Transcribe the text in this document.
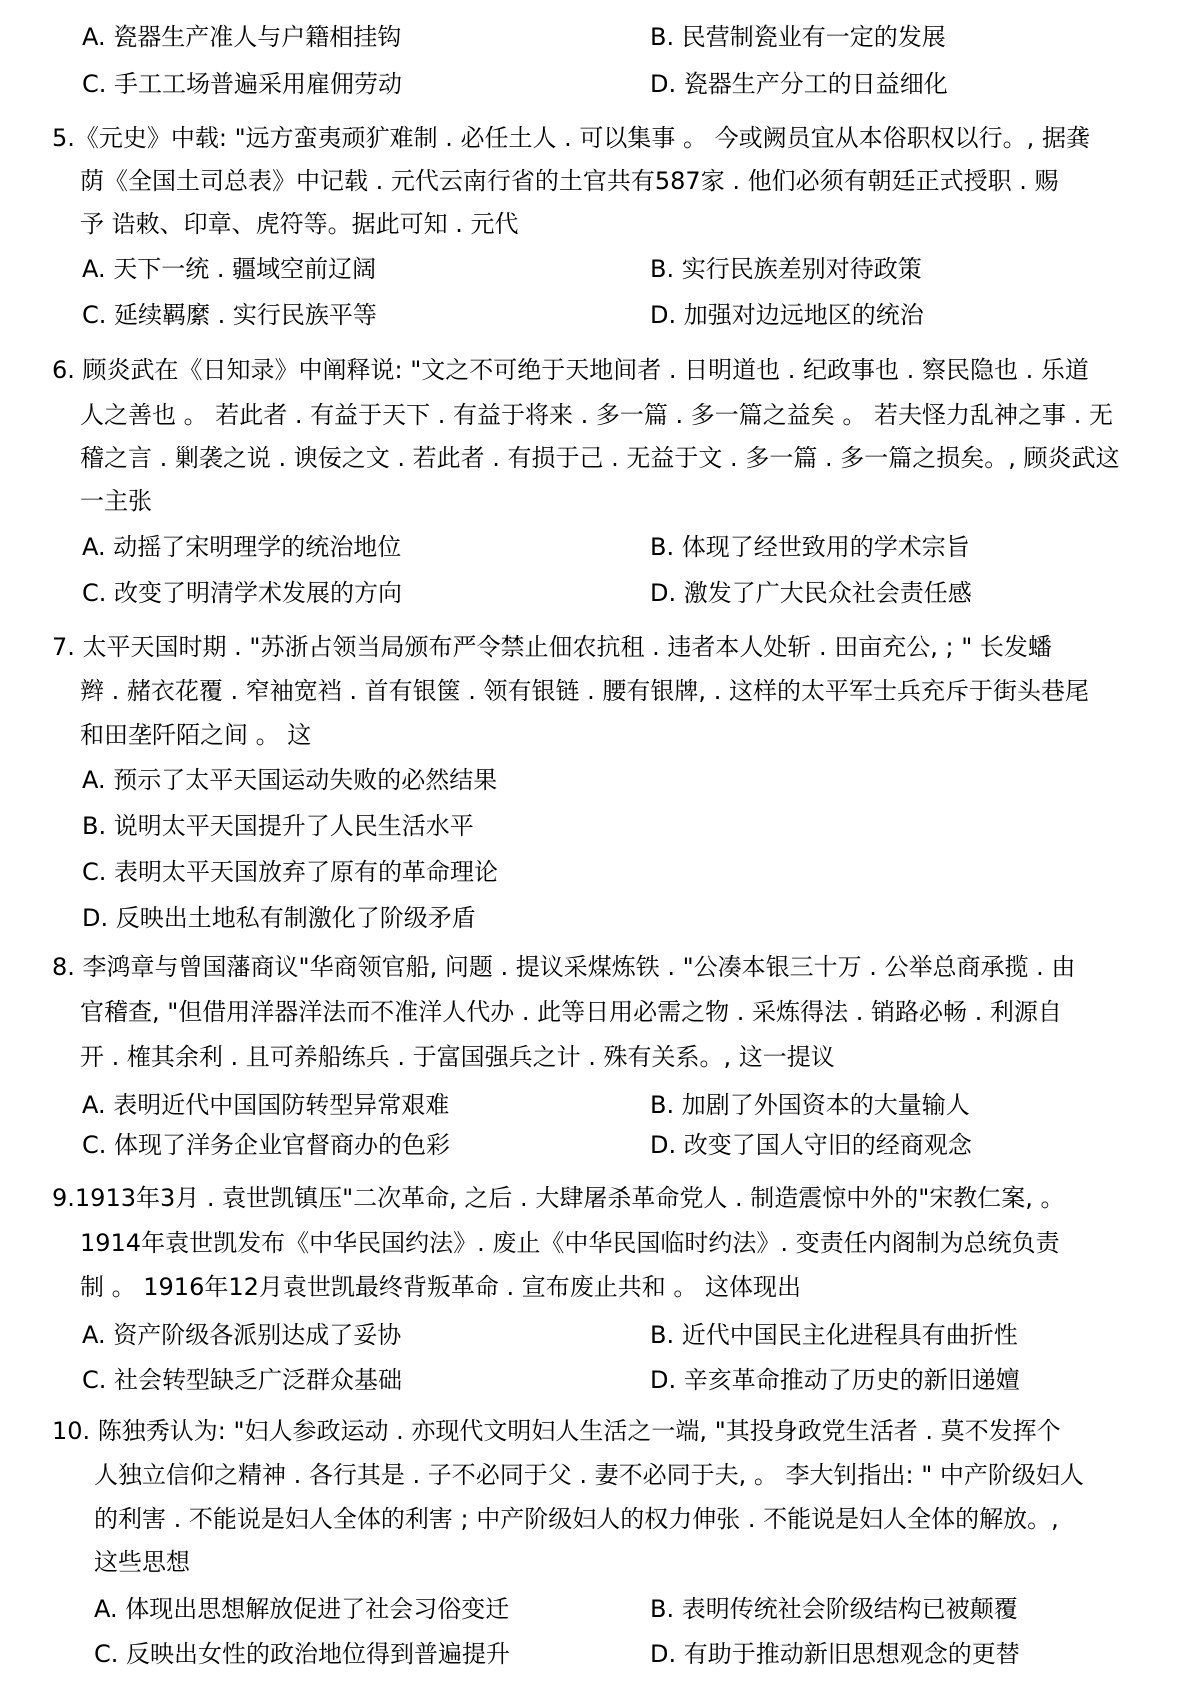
A. 瓷器生产准人与户籍相挂钩	B. 民营制瓷业有一定的发展
C. 手工工场普遍采用雇佣劳动	D. 瓷器生产分工的日益细化
5.《元史》中载: "远方蛮夷顽犷难制 . 必任土人 . 可以集事 。 今或阙员宜从本俗职权以行。, 据龚
荫《全国土司总表》中记载 . 元代云南行省的土官共有587家 . 他们必须有朝廷正式授职 . 赐
予 诰敕、印章、虎符等。据此可知 . 元代
A. 天下一统 . 疆域空前辽阔	B. 实行民族差别对待政策
C. 延续羁縻 . 实行民族平等	D. 加强对边远地区的统治
6. 顾炎武在《日知录》中阐释说: "文之不可绝于天地间者 . 日明道也 . 纪政事也 . 察民隐也 . 乐道
人之善也 。 若此者 . 有益于天下 . 有益于将来 . 多一篇 . 多一篇之益矣 。 若夫怪力乱神之事 . 无
稽之言 . 剿袭之说 . 谀佞之文 . 若此者 . 有损于己 . 无益于文 . 多一篇 . 多一篇之损矣。, 顾炎武这
一主张
A. 动摇了宋明理学的统治地位	B. 体现了经世致用的学术宗旨
C. 改变了明清学术发展的方向	D. 激发了广大民众社会责任感
7. 太平天国时期 . "苏浙占领当局颁布严令禁止佃农抗租 . 违者本人处斩 . 田亩充公, ; " 长发蟠
辫 . 赭衣花覆 . 窄袖宽裆 . 首有银箧 . 领有银链 . 腰有银牌, . 这样的太平军士兵充斥于街头巷尾
和田垄阡陌之间 。 这
A. 预示了太平天国运动失败的必然结果
B. 说明太平天国提升了人民生活水平
C. 表明太平天国放弃了原有的革命理论
D. 反映出土地私有制激化了阶级矛盾
8. 李鸿章与曾国藩商议"华商领官船, 问题 . 提议采煤炼铁 . "公凑本银三十万 . 公举总商承揽 . 由
官稽查, "但借用洋器洋法而不准洋人代办 . 此等日用必需之物 . 采炼得法 . 销路必畅 . 利源自
开 . 榷其余利 . 且可养船练兵 . 于富国强兵之计 . 殊有关系。, 这一提议
A. 表明近代中国国防转型异常艰难	B. 加剧了外国资本的大量输人
C. 体现了洋务企业官督商办的色彩	D. 改变了国人守旧的经商观念
9.1913年3月 . 袁世凯镇压"二次革命, 之后 . 大肆屠杀革命党人 . 制造震惊中外的"宋教仁案, 。
1914年袁世凯发布《中华民国约法》. 废止《中华民国临时约法》. 变责任内阁制为总统负责
制 。 1916年12月袁世凯最终背叛革命 . 宣布废止共和 。 这体现出
A. 资产阶级各派别达成了妥协	B. 近代中国民主化进程具有曲折性
C. 社会转型缺乏广泛群众基础	D. 辛亥革命推动了历史的新旧递嬗
10. 陈独秀认为: "妇人参政运动 . 亦现代文明妇人生活之一端, "其投身政党生活者 . 莫不发挥个
人独立信仰之精神 . 各行其是 . 子不必同于父 . 妻不必同于夫, 。 李大钊指出: " 中产阶级妇人
的利害 . 不能说是妇人全体的利害 ; 中产阶级妇人的权力伸张 . 不能说是妇人全体的解放。,
这些思想
A. 体现出思想解放促进了社会习俗变迁	B. 表明传统社会阶级结构已被颠覆
C. 反映出女性的政治地位得到普遍提升	D. 有助于推动新旧思想观念的更替
